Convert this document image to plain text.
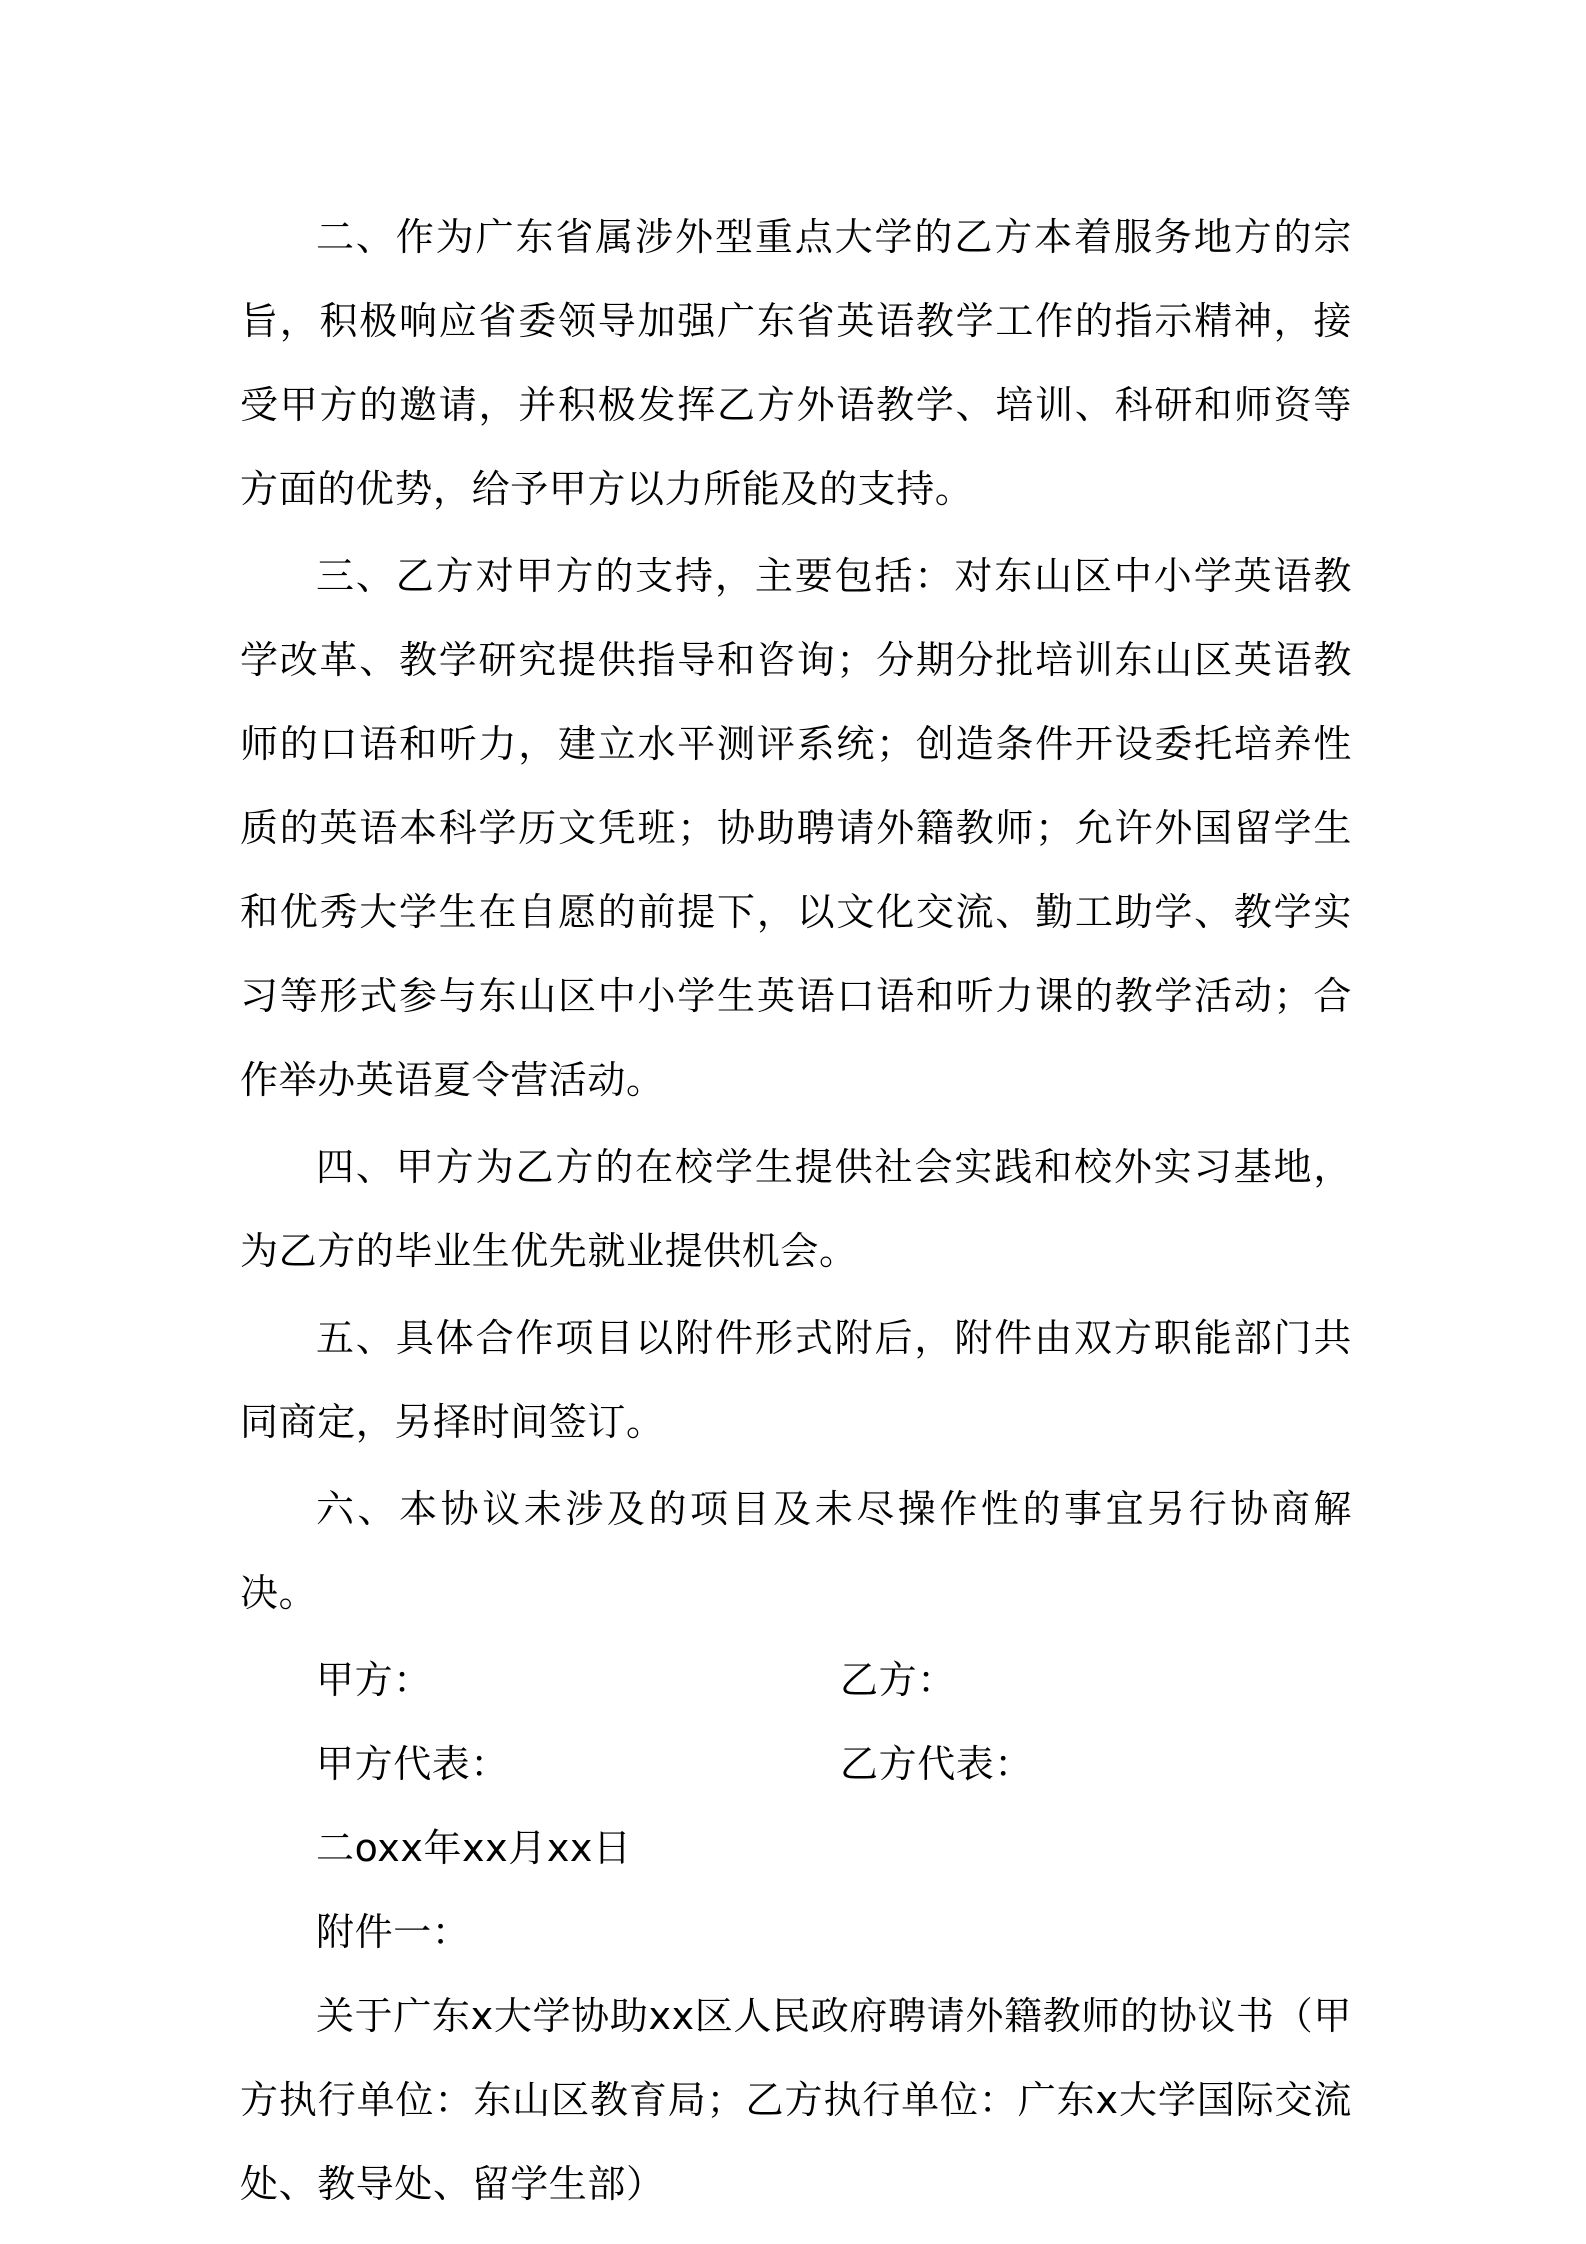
二、作为广东省属涉外型重点大学的乙方本着服务地方的宗旨，积极响应省委领导加强广东省英语教学工作的指示精神，接受甲方的邀请，并积极发挥乙方外语教学、培训、科研和师资等方面的优势，给予甲方以力所能及的支持。

三、乙方对甲方的支持，主要包括：对东山区中小学英语教学改革、教学研究提供指导和咨询；分期分批培训东山区英语教师的口语和听力，建立水平测评系统；创造条件开设委托培养性质的英语本科学历文凭班；协助聘请外籍教师；允许外国留学生和优秀大学生在自愿的前提下，以文化交流、勤工助学、教学实习等形式参与东山区中小学生英语口语和听力课的教学活动；合作举办英语夏令营活动。

四、甲方为乙方的在校学生提供社会实践和校外实习基地，为乙方的毕业生优先就业提供机会。

五、具体合作项目以附件形式附后，附件由双方职能部门共同商定，另择时间签订。

六、本协议未涉及的项目及未尽操作性的事宜另行协商解决。

甲方：	乙方：
甲方代表：	乙方代表：

二oxx年xx月xx日

附件一：

关于广东x大学协助xx区人民政府聘请外籍教师的协议书（甲方执行单位：东山区教育局；乙方执行单位：广东x大学国际交流处、教导处、留学生部）
